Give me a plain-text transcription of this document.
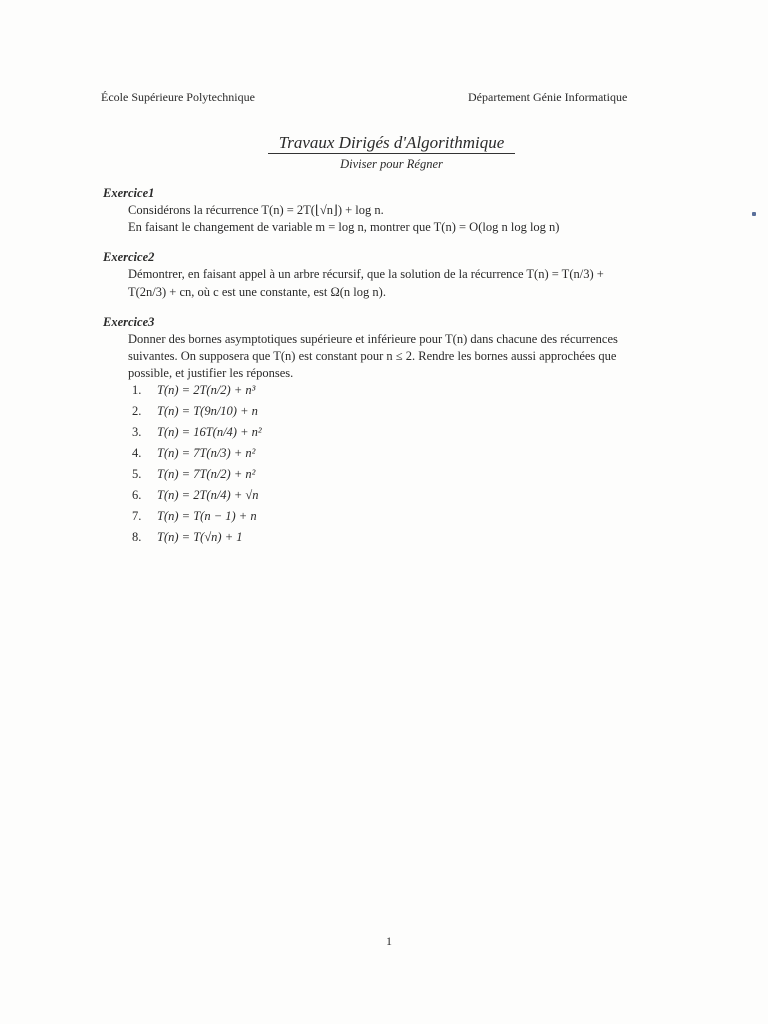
École Supérieure Polytechnique	Département Génie Informatique
Travaux Dirigés d'Algorithmique
Diviser pour Régner
Exercice1
Considérons la récurrence T(n) = 2T(⌊√n⌋) + log n.
En faisant le changement de variable m = log n, montrer que T(n) = O(log n log log n)
Exercice2
Démontrer, en faisant appel à un arbre récursif, que la solution de la récurrence T(n) = T(n/3) +
T(2n/3) + cn, où c est une constante, est Ω(n log n).
Exercice3
Donner des bornes asymptotiques supérieure et inférieure pour T(n) dans chacune des récurrences
suivantes. On supposera que T(n) est constant pour n ≤ 2. Rendre les bornes aussi approchées que
possible, et justifier les réponses.
1. T(n) = 2T(n/2) + n³
2. T(n) = T(9n/10) + n
3. T(n) = 16T(n/4) + n²
4. T(n) = 7T(n/3) + n²
5. T(n) = 7T(n/2) + n²
6. T(n) = 2T(n/4) + √n
7. T(n) = T(n − 1) + n
8. T(n) = T(√n) + 1
1
